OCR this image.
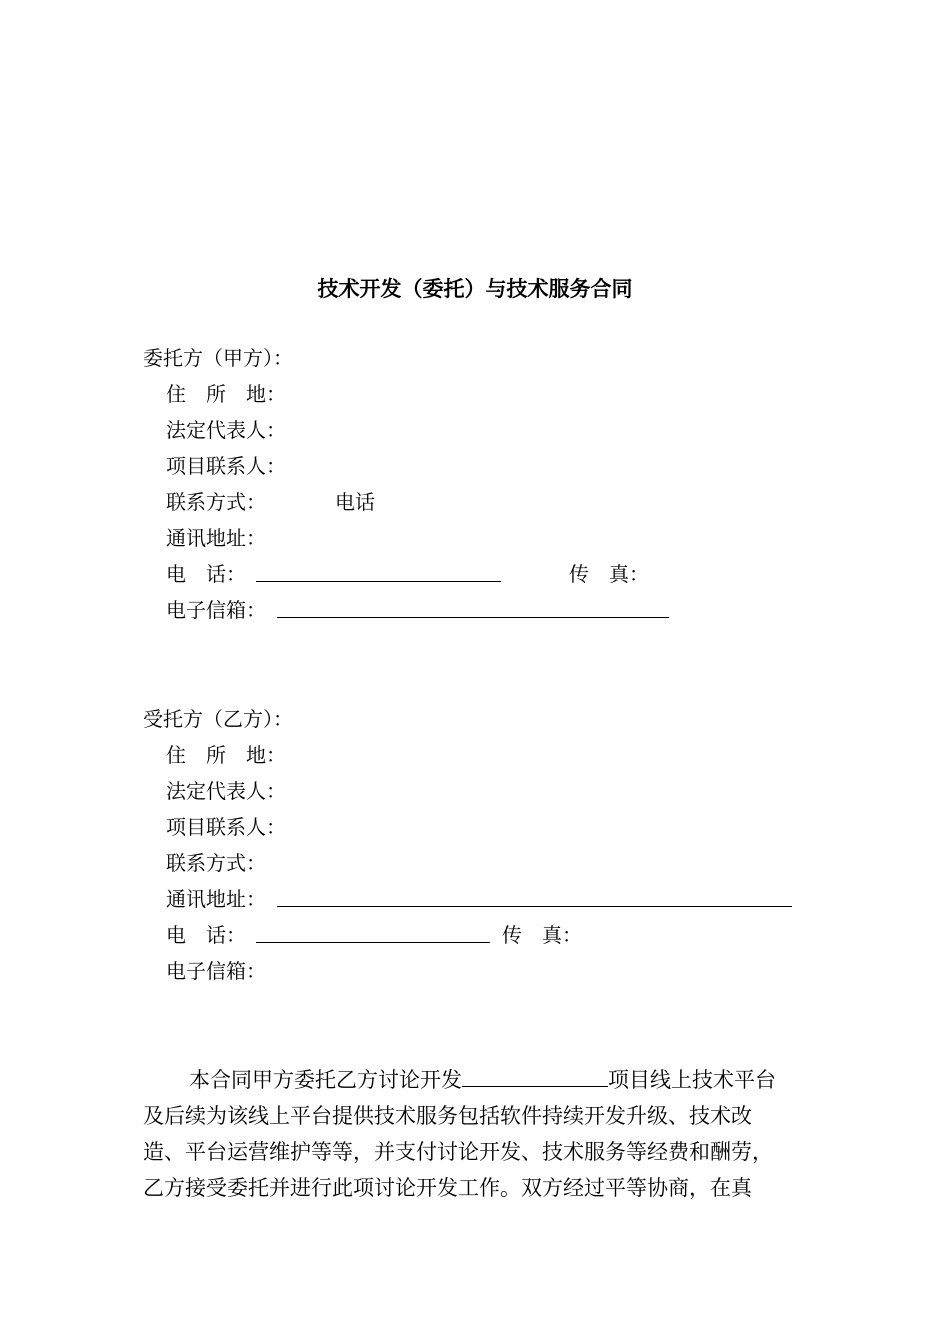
技术开发（委托）与技术服务合同
委托方（甲方）：
住　所　地：
法定代表人：
项目联系人：
联系方式：	电话
通讯地址：
电　话：	传　真：
电子信箱：
受托方（乙方）：
住　所　地：
法定代表人：
项目联系人：
联系方式：
通讯地址：
电　话：	传　真：
电子信箱：
本合同甲方委托乙方讨论开发	项目线上技术平台
及后续为该线上平台提供技术服务包括软件持续开发升级、技术改
造、平台运营维护等等，并支付讨论开发、技术服务等经费和酬劳，
乙方接受委托并进行此项讨论开发工作。双方经过平等协商，在真
